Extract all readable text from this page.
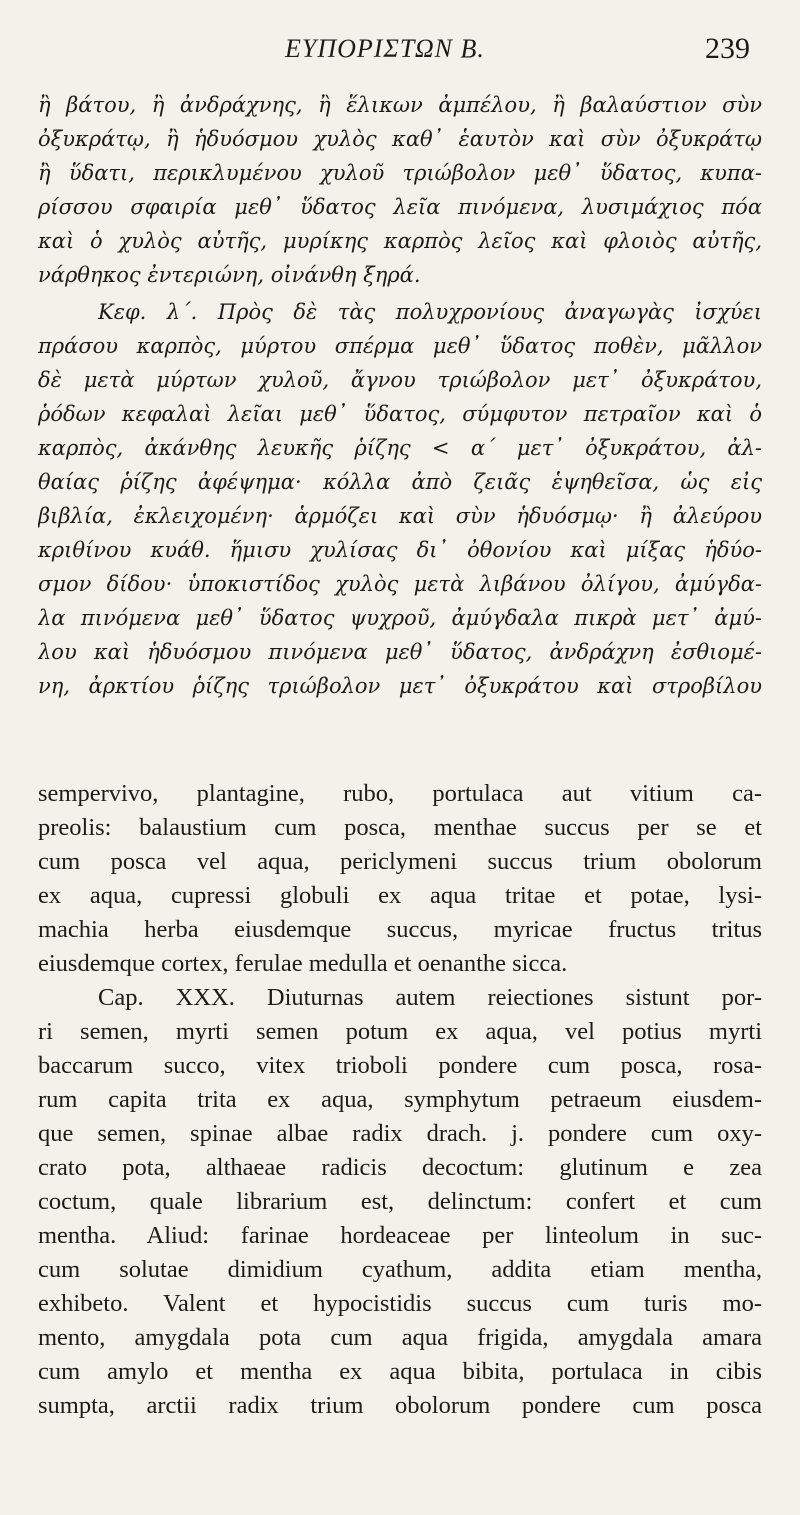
ΕΥΠΟΡΙΣΤΩΝ Β.	239
ἢ βάτου, ἢ ἀνδράχνης, ἢ ἕλικων ἀμπέλου, ἢ βαλαύστιον σὺν
ὀξυκράτῳ, ἢ ἡδυόσμου χυλὸς καθ᾽ ἑαυτὸν καὶ σὺν ὀξυκράτῳ
ἢ ὕδατι, περικλυμένου χυλοῦ τριώβολον μεθ᾽ ὕδατος, κυπα-
ρίσσου σφαιρία μεθ᾽ ὕδατος λεῖα πινόμενα, λυσιμάχιος πόα
καὶ ὁ χυλὸς αὐτῆς, μυρίκης καρπὸς λεῖος καὶ φλοιὸς αὐτῆς,
νάρθηκος ἐντεριώνη, οἰνάνθη ξηρά.
Κεφ. λ΄. Πρὸς δὲ τὰς πολυχρονίους ἀναγωγὰς ἰσχύει
πράσου καρπὸς, μύρτου σπέρμα μεθ᾽ ὕδατος ποθὲν, μᾶλλον
δὲ μετὰ μύρτων χυλοῦ, ἄγνου τριώβολον μετ᾽ ὀξυκράτου,
ῥόδων κεφαλαὶ λεῖαι μεθ᾽ ὕδατος, σύμφυτον πετραῖον καὶ ὁ
καρπὸς, ἀκάνθης λευκῆς ῥίζης < α΄ μετ᾽ ὀξυκράτου, ἀλ-
θαίας ῥίζης ἀφέψημα· κόλλα ἀπὸ ζειᾶς ἑψηθεῖσα, ὡς εἰς
βιβλία, ἐκλειχομένη· ἁρμόζει καὶ σὺν ἡδυόσμῳ· ἢ ἀλεύρου
κριθίνου κυάθ. ἥμισυ χυλίσας δι᾽ ὀθονίου καὶ μίξας ἡδύο-
σμον δίδου· ὑποκιστίδος χυλὸς μετὰ λιβάνου ὀλίγου, ἀμύγδα-
λα πινόμενα μεθ᾽ ὕδατος ψυχροῦ, ἀμύγδαλα πικρὰ μετ᾽ ἀμύ-
λου καὶ ἡδυόσμου πινόμενα μεθ᾽ ὕδατος, ἀνδράχνη ἐσθιομέ-
νη, ἀρκτίου ῥίζης τριώβολον μετ᾽ ὀξυκράτου καὶ στροβίλου
sempervivo, plantagine, rubo, portulaca aut vitium ca-
preolis: balaustium cum posca, menthae succus per se et
cum posca vel aqua, periclymeni succus trium obolorum
ex aqua, cupressi globuli ex aqua tritae et potae, lysi-
machia herba eiusdemque succus, myricae fructus tritus
eiusdemque cortex, ferulae medulla et oenanthe sicca.
Cap. XXX. Diuturnas autem reiectiones sistunt por-
ri semen, myrti semen potum ex aqua, vel potius myrti
baccarum succo, vitex trioboli pondere cum posca, rosa-
rum capita trita ex aqua, symphytum petraeum eiusdem-
que semen, spinae albae radix drach. j. pondere cum oxy-
crato pota, althaeae radicis decoctum: glutinum e zea
coctum, quale librarium est, delinctum: confert et cum
mentha. Aliud: farinae hordeaceae per linteolum in suc-
cum solutae dimidium cyathum, addita etiam mentha,
exhibeto. Valent et hypocistidis succus cum turis mo-
mento, amygdala pota cum aqua frigida, amygdala amara
cum amylo et mentha ex aqua bibita, portulaca in cibis
sumpta, arctii radix trium obolorum pondere cum posca
